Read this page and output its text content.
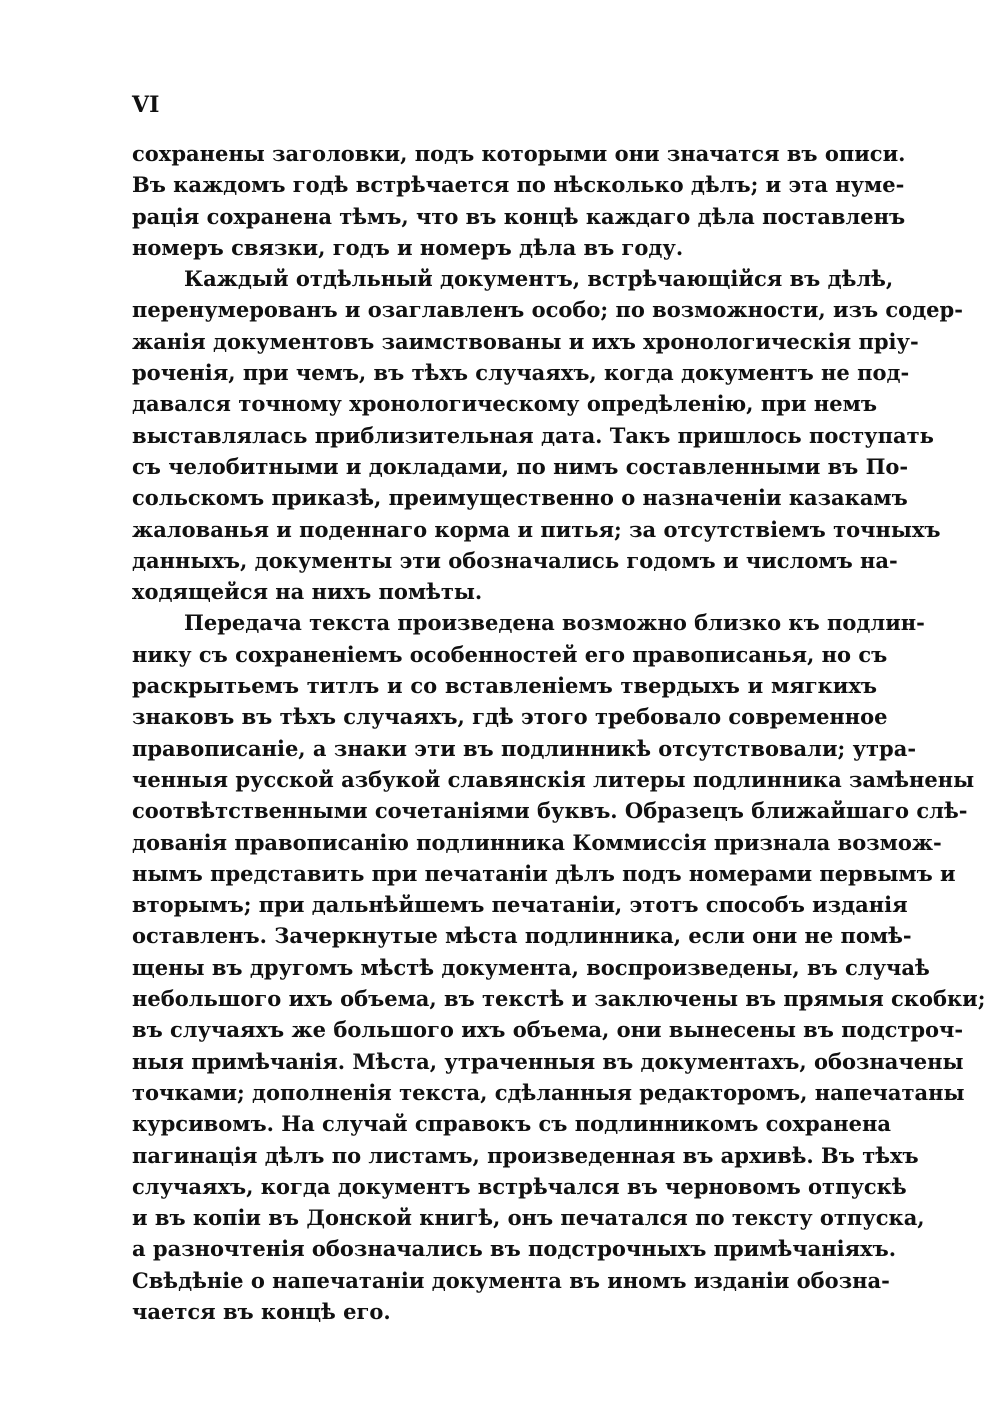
VI
сохранены заголовки, подъ которыми они значатся въ описи.
Въ каждомъ годѣ встрѣчается по нѣсколько дѣлъ; и эта нуме-
рація сохранена тѣмъ, что въ концѣ каждаго дѣла поставленъ
номеръ связки, годъ и номеръ дѣла въ году.
Каждый отдѣльный документъ, встрѣчающійся въ дѣлѣ,
перенумерованъ и озаглавленъ особо; по возможности, изъ содер-
жанія документовъ заимствованы и ихъ хронологическія пріу-
роченія, при чемъ, въ тѣхъ случаяхъ, когда документъ не под-
давался точному хронологическому опредѣленію, при немъ
выставлялась приблизительная дата. Такъ пришлось поступать
съ челобитными и докладами, по нимъ составленными въ По-
сольскомъ приказѣ, преимущественно о назначеніи казакамъ
жалованья и поденнаго корма и питья; за отсутствіемъ точныхъ
данныхъ, документы эти обозначались годомъ и числомъ на-
ходящейся на нихъ помѣты.
Передача текста произведена возможно близко къ подлин-
нику съ сохраненіемъ особенностей его правописанья, но съ
раскрытьемъ титлъ и со вставленіемъ твердыхъ и мягкихъ
знаковъ въ тѣхъ случаяхъ, гдѣ этого требовало современное
правописаніе, а знаки эти въ подлинникѣ отсутствовали; утра-
ченныя русской азбукой славянскія литеры подлинника замѣнены
соотвѣтственными сочетаніями буквъ. Образецъ ближайшаго слѣ-
дованія правописанію подлинника Коммиссія признала возмож-
нымъ представить при печатаніи дѣлъ подъ номерами первымъ и
вторымъ; при дальнѣйшемъ печатаніи, этотъ способъ изданія
оставленъ. Зачеркнутые мѣста подлинника, если они не помѣ-
щены въ другомъ мѣстѣ документа, воспроизведены, въ случаѣ
небольшого ихъ объема, въ текстѣ и заключены въ прямыя скобки;
въ случаяхъ же большого ихъ объема, они вынесены въ подстроч-
ныя примѣчанія. Мѣста, утраченныя въ документахъ, обозначены
точками; дополненія текста, сдѣланныя редакторомъ, напечатаны
курсивомъ. На случай справокъ съ подлинникомъ сохранена
пагинація дѣлъ по листамъ, произведенная въ архивѣ. Въ тѣхъ
случаяхъ, когда документъ встрѣчался въ черновомъ отпускѣ
и въ копіи въ Донской книгѣ, онъ печатался по тексту отпуска,
а разночтенія обозначались въ подстрочныхъ примѣчаніяхъ.
Свѣдѣніе о напечатаніи документа въ иномъ изданіи обозна-
чается въ концѣ его.
